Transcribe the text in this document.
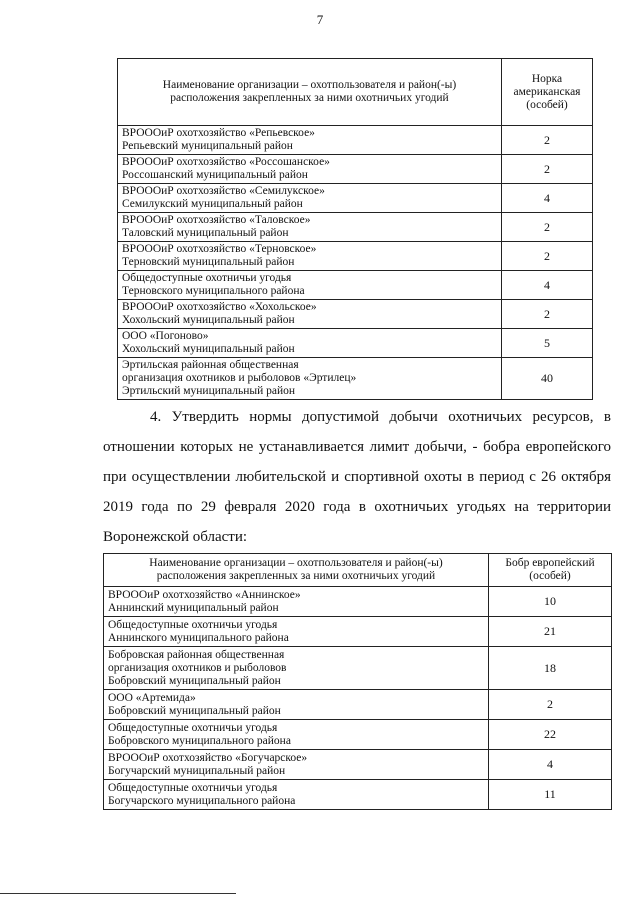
7
Наименование организации – охотпользователя и район(-ы)
расположения закрепленных за ними охотничьих угодий	Норка
американская
(особей)

ВРОООиР охотхозяйство «Репьевское»
Репьевский муниципальный район	2

ВРОООиР охотхозяйство «Россошанское»
Россошанский муниципальный район	2

ВРОООиР охотхозяйство «Семилукское»
Семилукский муниципальный район	4

ВРОООиР охотхозяйство «Таловское»
Таловский муниципальный район	2

ВРОООиР охотхозяйство «Терновское»
Терновский муниципальный район	2

Общедоступные охотничьи угодья
Терновского муниципального района	4

ВРОООиР охотхозяйство «Хохольское»
Хохольский муниципальный район	2

ООО «Погоново»
Хохольский муниципальный район	5

Эртильская районная общественная
организация охотников и рыболовов «Эртилец»
Эртильский муниципальный район	40

4. Утвердить нормы допустимой добычи охотничьих ресурсов, в отношении которых не устанавливается лимит добычи, - бобра европейского при осуществлении любительской и спортивной охоты в период с 26 октября 2019 года по 29 февраля 2020 года в охотничьих угодьях на территории Воронежской области:

Наименование организации – охотпользователя и район(-ы)
расположения закрепленных за ними охотничьих угодий	Бобр европейский
(особей)

ВРОООиР охотхозяйство «Аннинское»
Аннинский муниципальный район	10

Общедоступные охотничьи угодья
Аннинского муниципального района	21

Бобровская районная общественная
организация охотников и рыболовов
Бобровский муниципальный район	18

ООО «Артемида»
Бобровский муниципальный район	2

Общедоступные охотничьи угодья
Бобровского муниципального района	22

ВРОООиР охотхозяйство «Богучарское»
Богучарский муниципальный район	4

Общедоступные охотничьи угодья
Богучарского муниципального района	11
